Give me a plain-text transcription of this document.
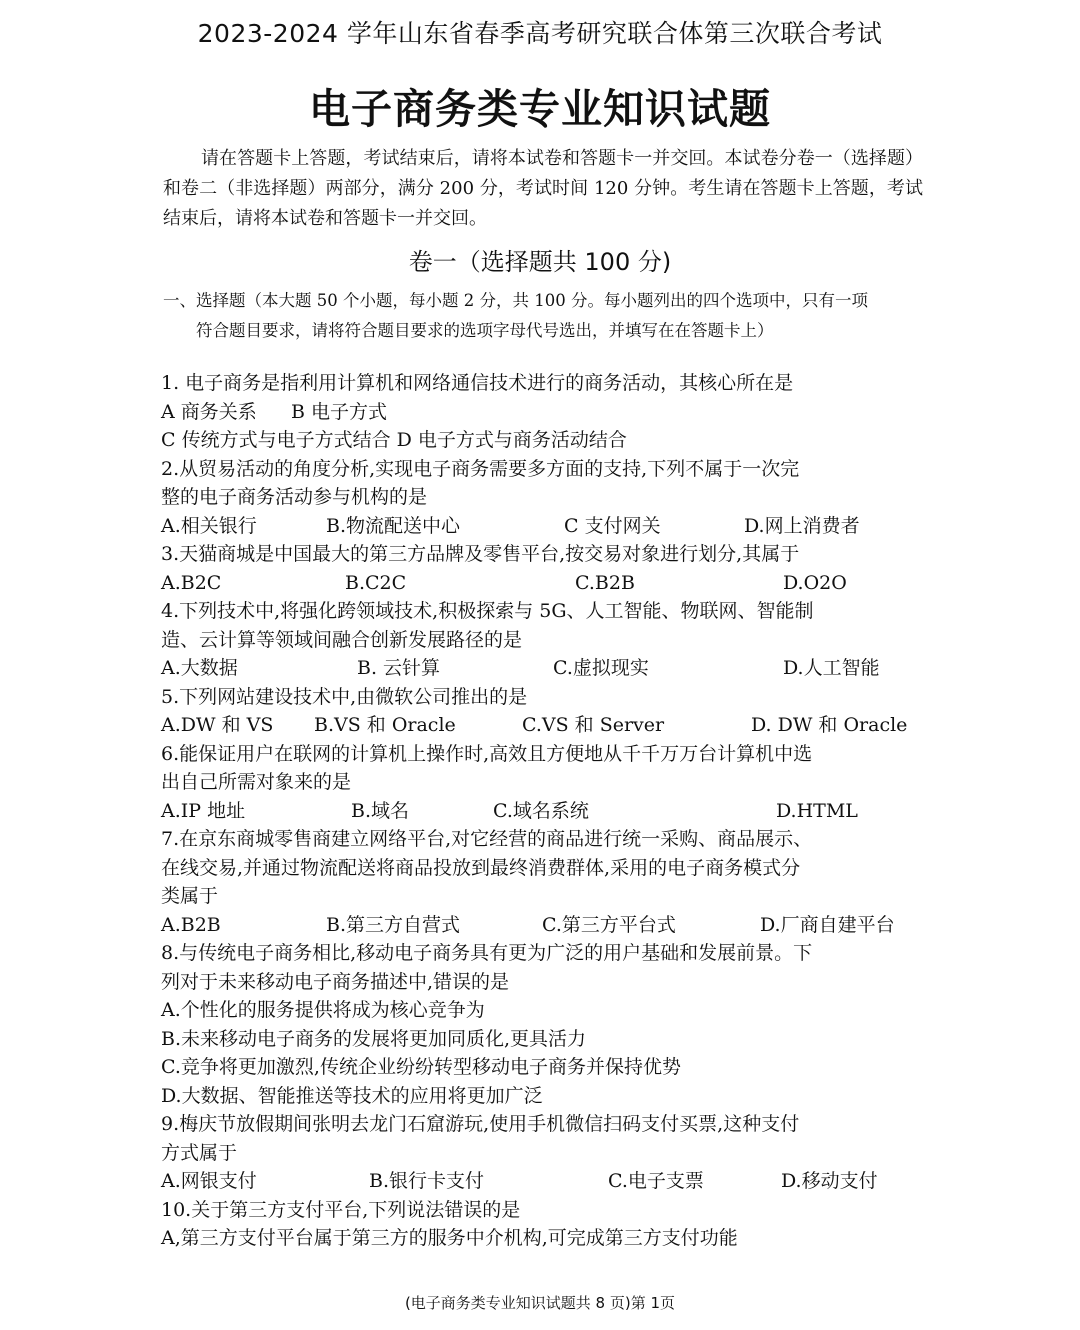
2023-2024 学年山东省春季高考研究联合体第三次联合考试
电子商务类专业知识试题
请在答题卡上答题，考试结束后，请将本试卷和答题卡一并交回。本试卷分卷一（选择题）和卷二（非选择题）两部分，满分 200 分，考试时间 120 分钟。考生请在答题卡上答题，考试结束后，请将本试卷和答题卡一并交回。
卷一（选择题共 100 分)
一、选择题（本大题 50 个小题，每小题 2 分，共 100 分。每小题列出的四个选项中，只有一项
符合题目要求，请将符合题目要求的选项字母代号选出，并填写在在答题卡上）
1. 电子商务是指利用计算机和网络通信技术进行的商务活动，其核心所在是
A 商务关系 B 电子方式
C 传统方式与电子方式结合 D 电子方式与商务活动结合
2.从贸易活动的角度分析,实现电子商务需要多方面的支持,下列不属于一次完
整的电子商务活动参与机构的是
A.相关银行	B.物流配送中心	C 支付网关	D.网上消费者
3.天猫商城是中国最大的第三方品牌及零售平台,按交易对象进行划分,其属于
A.B2C	B.C2C	C.B2B	D.O2O
4.下列技术中,将强化跨领域技术,积极探索与 5G、人工智能、物联网、智能制
造、云计算等领域间融合创新发展路径的是
A.大数据	B. 云针算	C.虚拟现实	D.人工智能
5.下列网站建设技术中,由微软公司推出的是
A.DW 和 VS B.VS 和 Oracle	C.VS 和 Server	D. DW 和 Oracle
6.能保证用户在联网的计算机上操作时,高效且方便地从千千万万台计算机中选
出自己所需对象来的是
A.IP 地址	B.域名	C.域名系统	D.HTML
7.在京东商城零售商建立网络平台,对它经营的商品进行统一采购、商品展示、
在线交易,并通过物流配送将商品投放到最终消费群体,采用的电子商务模式分
类属于
A.B2B	B.第三方自营式	C.第三方平台式	D.厂商自建平台
8.与传统电子商务相比,移动电子商务具有更为广泛的用户基础和发展前景。下
列对于未来移动电子商务描述中,错误的是
A.个性化的服务提供将成为核心竞争为
B.未来移动电子商务的发展将更加同质化,更具活力
C.竞争将更加激烈,传统企业纷纷转型移动电子商务并保持优势
D.大数据、智能推送等技术的应用将更加广泛
9.梅庆节放假期间张明去龙门石窟游玩,使用手机微信扫码支付买票,这种支付
方式属于
A.网银支付	B.银行卡支付	C.电子支票	D.移动支付
10.关于第三方支付平台,下列说法错误的是
A,第三方支付平台属于第三方的服务中介机构,可完成第三方支付功能
(电子商务类专业知识试题共 8 页)第 1页
